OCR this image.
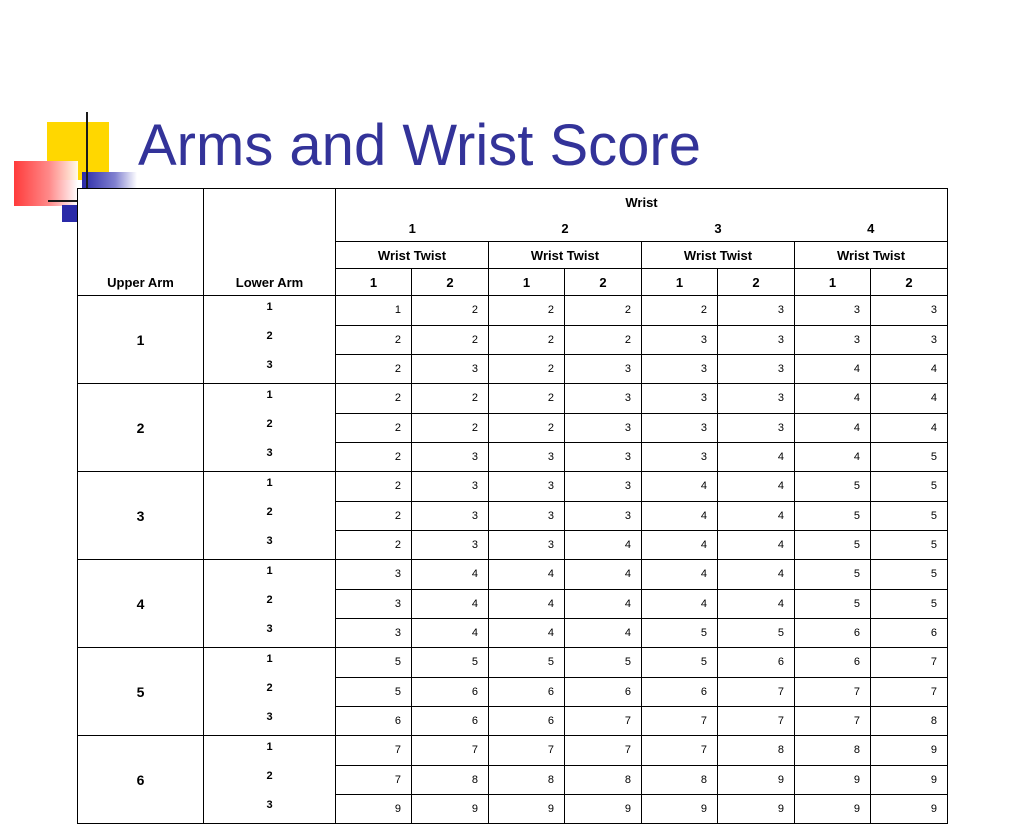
Arms and Wrist Score
Upper Arm	Lower Arm	Wrist							
		1		2		3		4	
		Wrist Twist		Wrist Twist		Wrist Twist		Wrist Twist	
		1	2	1	2	1	2	1	2
1	1	1	2	2	2	2	3	3	3
	2	2	2	2	2	3	3	3	3
	3	2	3	2	3	3	3	4	4
2	1	2	2	2	3	3	3	4	4
	2	2	2	2	3	3	3	4	4
	3	2	3	3	3	3	4	4	5
3	1	2	3	3	3	4	4	5	5
	2	2	3	3	3	4	4	5	5
	3	2	3	3	4	4	4	5	5
4	1	3	4	4	4	4	4	5	5
	2	3	4	4	4	4	4	5	5
	3	3	4	4	4	5	5	6	6
5	1	5	5	5	5	5	6	6	7
	2	5	6	6	6	6	7	7	7
	3	6	6	6	7	7	7	7	8
6	1	7	7	7	7	7	8	8	9
	2	7	8	8	8	8	9	9	9
	3	9	9	9	9	9	9	9	9
